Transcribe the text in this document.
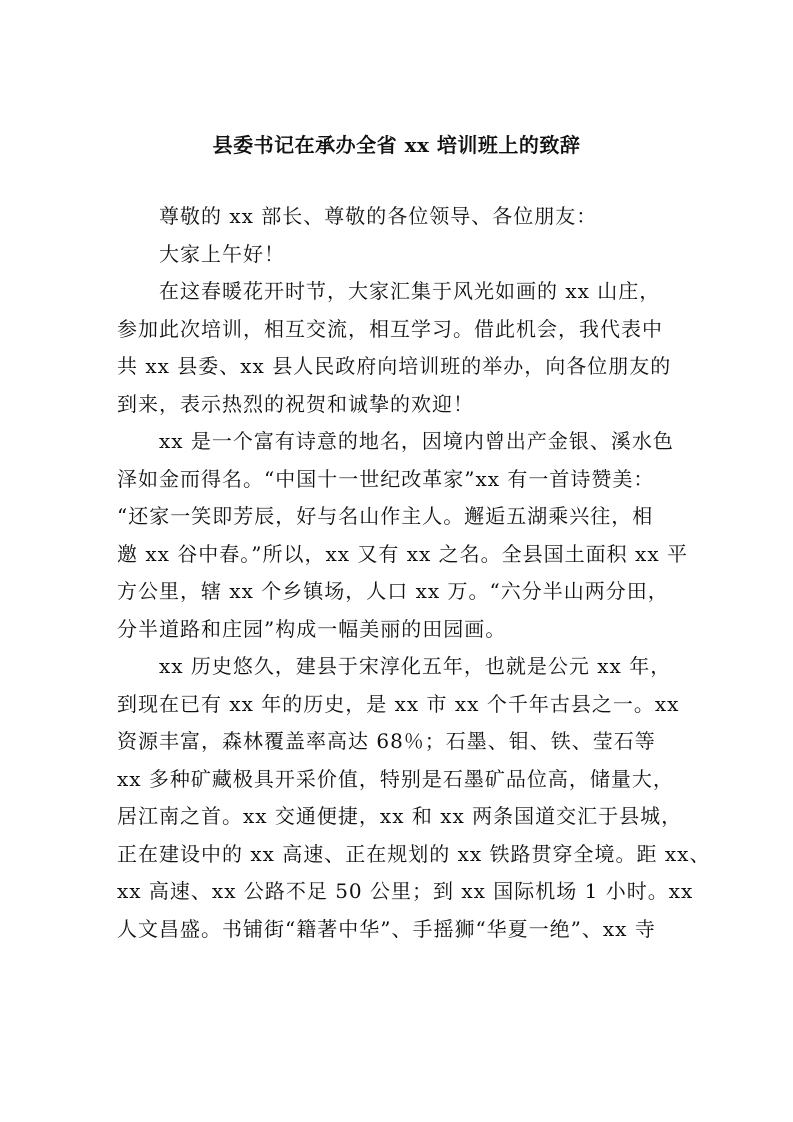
县委书记在承办全省 xx 培训班上的致辞
尊敬的 xx 部长、尊敬的各位领导、各位朋友：
大家上午好！
在这春暖花开时节，大家汇集于风光如画的 xx 山庄，
参加此次培训，相互交流，相互学习。借此机会，我代表中
共 xx 县委、xx 县人民政府向培训班的举办，向各位朋友的
到来，表示热烈的祝贺和诚挚的欢迎！
xx 是一个富有诗意的地名，因境内曾出产金银、溪水色
泽如金而得名。“中国十一世纪改革家”xx 有一首诗赞美：
“还家一笑即芳辰，好与名山作主人。邂逅五湖乘兴往，相
邀 xx 谷中春。”所以，xx 又有 xx 之名。全县国土面积 xx 平
方公里，辖 xx 个乡镇场，人口 xx 万。“六分半山两分田，
分半道路和庄园”构成一幅美丽的田园画。
xx 历史悠久，建县于宋淳化五年，也就是公元 xx 年，
到现在已有 xx 年的历史，是 xx 市 xx 个千年古县之一。xx
资源丰富，森林覆盖率高达 68％；石墨、钼、铁、莹石等
xx 多种矿藏极具开采价值，特别是石墨矿品位高，储量大，
居江南之首。xx 交通便捷，xx 和 xx 两条国道交汇于县城，
正在建设中的 xx 高速、正在规划的 xx 铁路贯穿全境。距 xx、
xx 高速、xx 公路不足 50 公里；到 xx 国际机场 1 小时。xx
人文昌盛。书铺街“籍著中华”、手摇狮“华夏一绝”、xx 寺
